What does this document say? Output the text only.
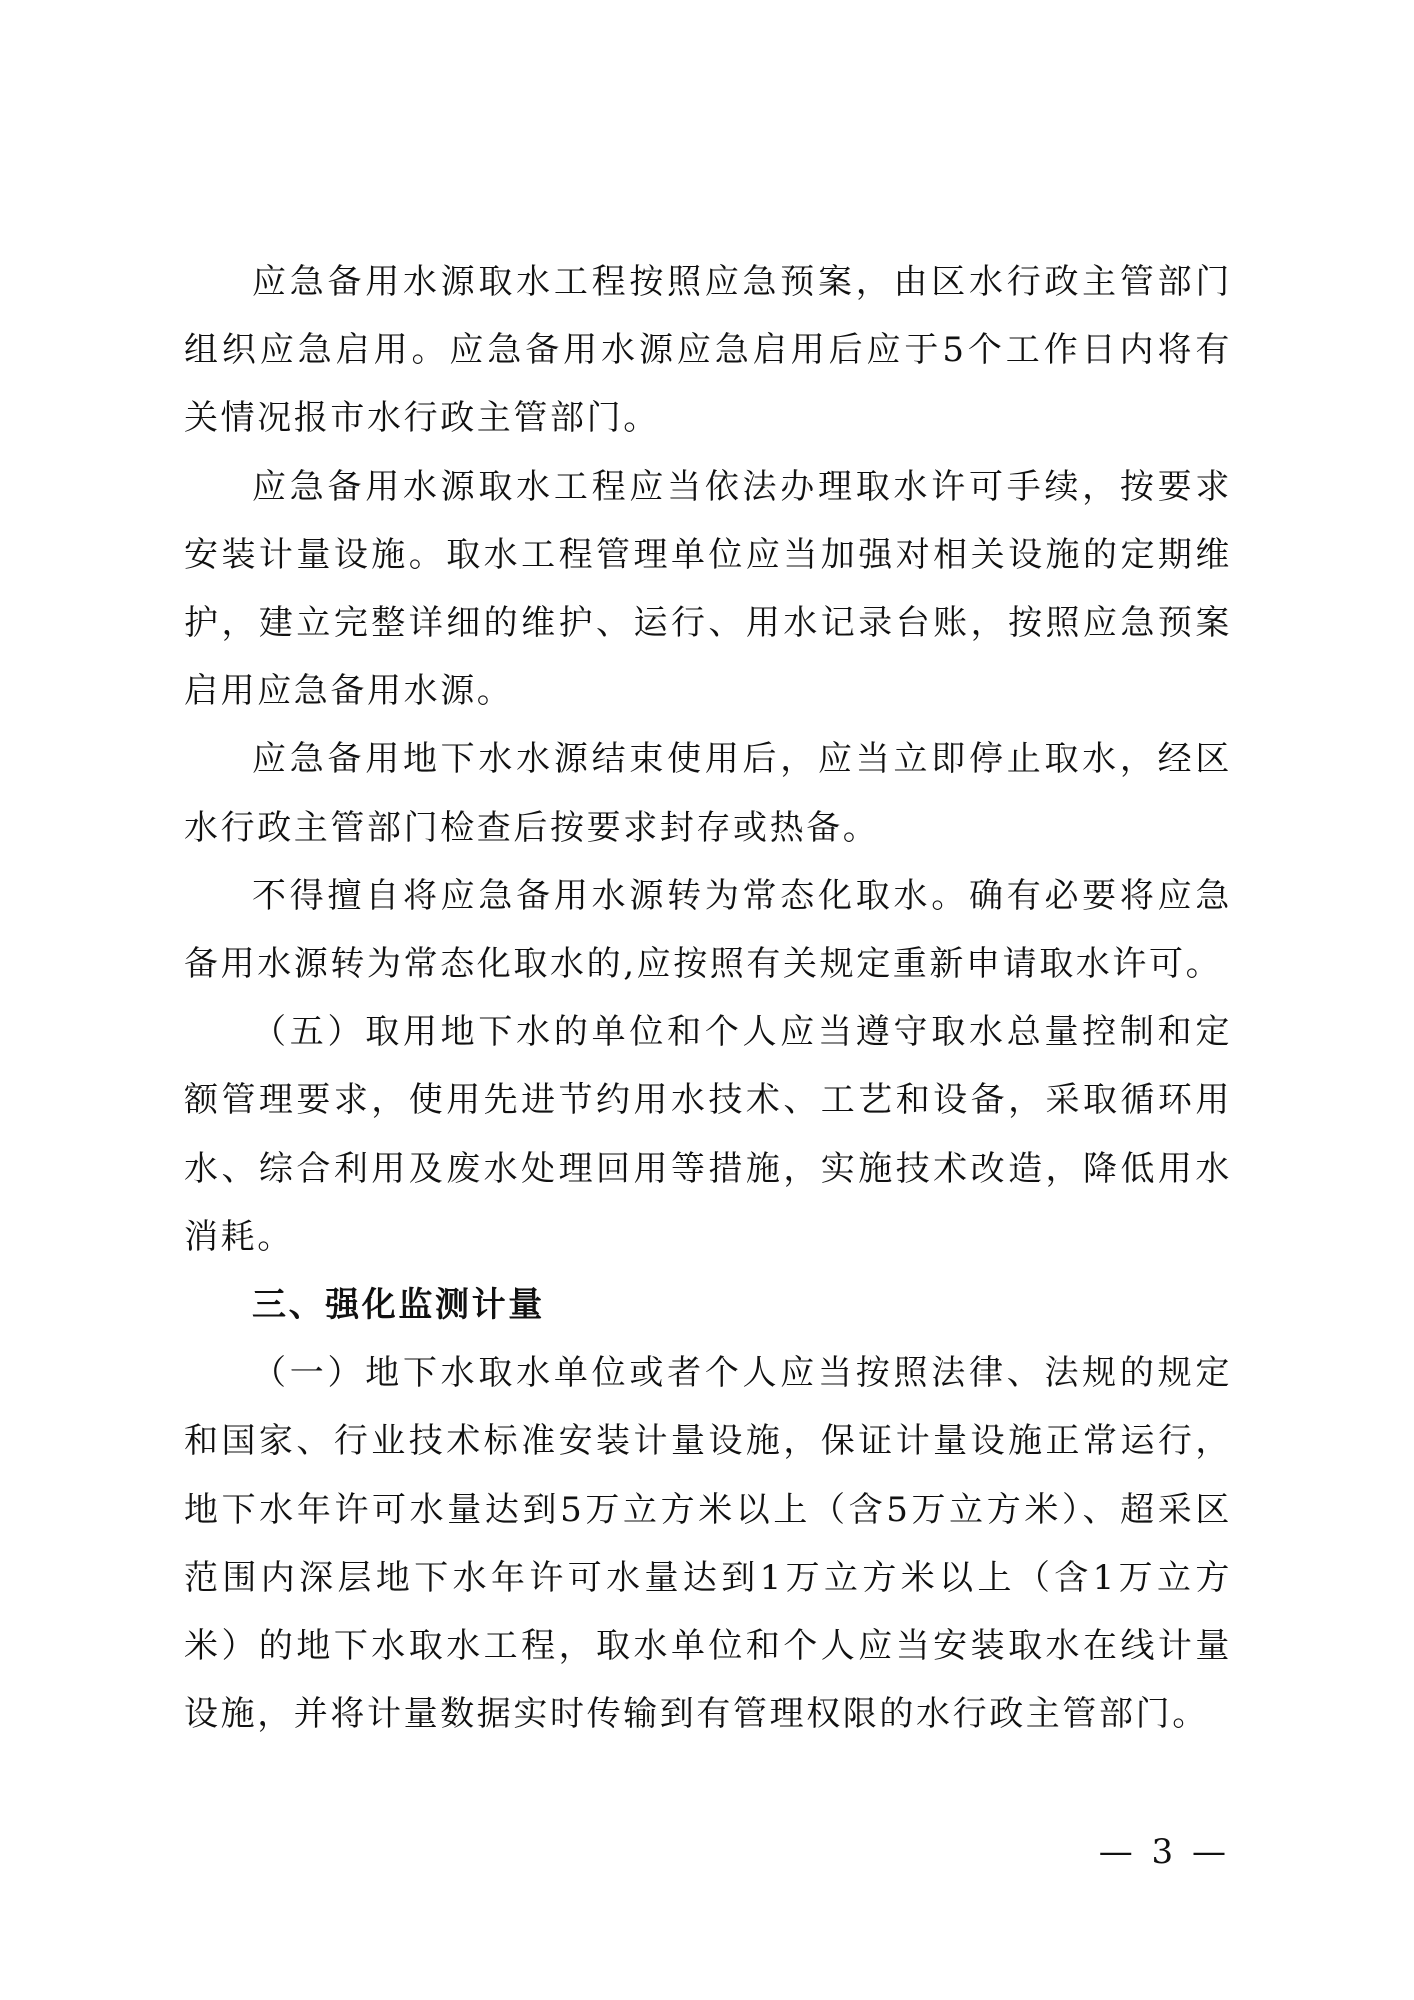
应急备用水源取水工程按照应急预案，由区水行政主管部门组织应急启用。应急备用水源应急启用后应于5个工作日内将有关情况报市水行政主管部门。

应急备用水源取水工程应当依法办理取水许可手续，按要求安装计量设施。取水工程管理单位应当加强对相关设施的定期维护，建立完整详细的维护、运行、用水记录台账，按照应急预案启用应急备用水源。

应急备用地下水水源结束使用后，应当立即停止取水，经区水行政主管部门检查后按要求封存或热备。

不得擅自将应急备用水源转为常态化取水。确有必要将应急备用水源转为常态化取水的,应按照有关规定重新申请取水许可。

（五）取用地下水的单位和个人应当遵守取水总量控制和定额管理要求，使用先进节约用水技术、工艺和设备，采取循环用水、综合利用及废水处理回用等措施，实施技术改造，降低用水消耗。

三、强化监测计量

（一）地下水取水单位或者个人应当按照法律、法规的规定和国家、行业技术标准安装计量设施，保证计量设施正常运行，地下水年许可水量达到5万立方米以上（含5万立方米）、超采区范围内深层地下水年许可水量达到1万立方米以上（含1万立方米）的地下水取水工程，取水单位和个人应当安装取水在线计量设施，并将计量数据实时传输到有管理权限的水行政主管部门。

— 3 —
